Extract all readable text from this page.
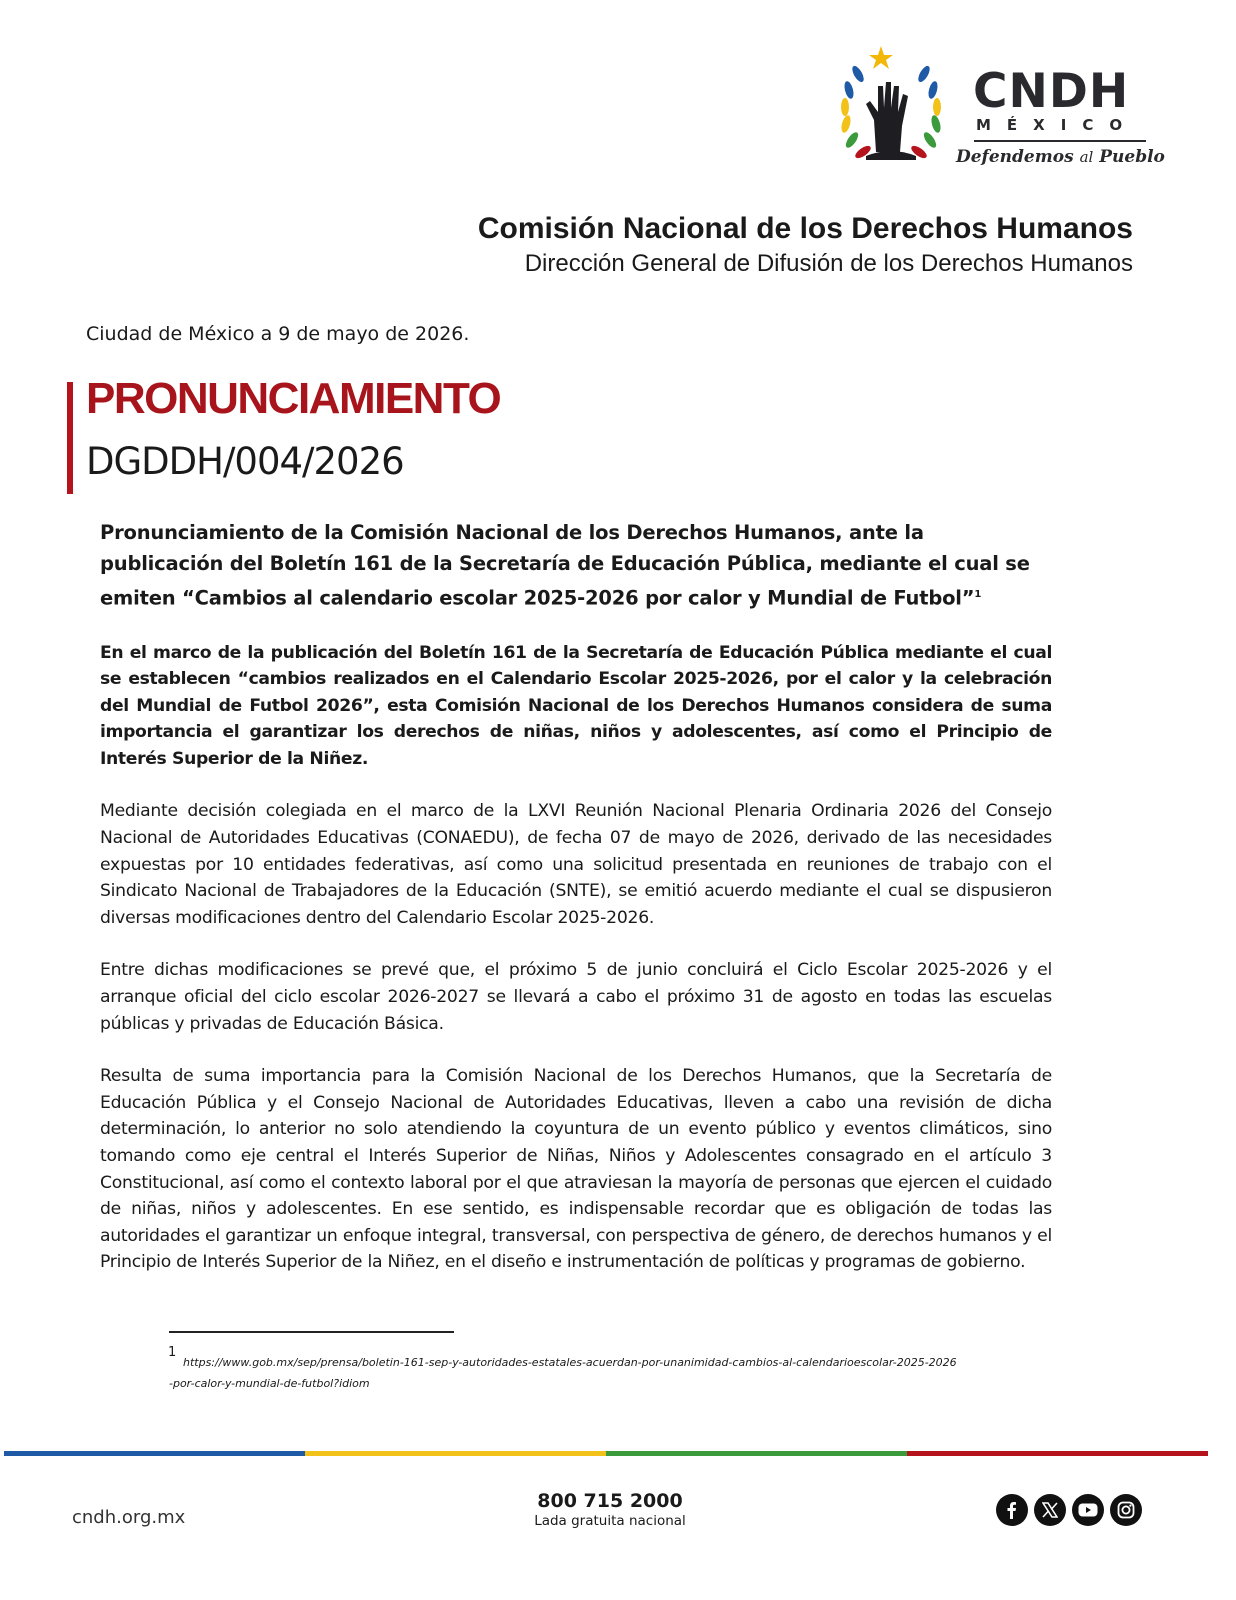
CNDH
MÉXICO
Defendemos al Pueblo
Comisión Nacional de los Derechos Humanos
Dirección General de Difusión de los Derechos Humanos
Ciudad de México a 9 de mayo de 2026.
PRONUNCIAMIENTO
DGDDH/004/2026

Pronunciamiento de la Comisión Nacional de los Derechos Humanos, ante la publicación del Boletín 161 de la Secretaría de Educación Pública, mediante el cual se emiten “Cambios al calendario escolar 2025-2026 por calor y Mundial de Futbol”$^1$

En el marco de la publicación del Boletín 161 de la Secretaría de Educación Pública mediante el cual se establecen “cambios realizados en el Calendario Escolar 2025-2026, por el calor y la celebración del Mundial de Futbol 2026”, esta Comisión Nacional de los Derechos Humanos considera de suma importancia el garantizar los derechos de niñas, niños y adolescentes, así como el Principio de Interés Superior de la Niñez.

Mediante decisión colegiada en el marco de la LXVI Reunión Nacional Plenaria Ordinaria 2026 del Consejo Nacional de Autoridades Educativas (CONAEDU), de fecha 07 de mayo de 2026, derivado de las necesidades expuestas por 10 entidades federativas, así como una solicitud presentada en reuniones de trabajo con el Sindicato Nacional de Trabajadores de la Educación (SNTE), se emitió acuerdo mediante el cual se dispusieron diversas modificaciones dentro del Calendario Escolar 2025-2026.

Entre dichas modificaciones se prevé que, el próximo 5 de junio concluirá el Ciclo Escolar 2025-2026 y el arranque oficial del ciclo escolar 2026-2027 se llevará a cabo el próximo 31 de agosto en todas las escuelas públicas y privadas de Educación Básica.

Resulta de suma importancia para la Comisión Nacional de los Derechos Humanos, que la Secretaría de Educación Pública y el Consejo Nacional de Autoridades Educativas, lleven a cabo una revisión de dicha determinación, lo anterior no solo atendiendo la coyuntura de un evento público y eventos climáticos, sino tomando como eje central el Interés Superior de Niñas, Niños y Adolescentes consagrado en el artículo 3 Constitucional, así como el contexto laboral por el que atraviesan la mayoría de personas que ejercen el cuidado de niñas, niños y adolescentes. En ese sentido, es indispensable recordar que es obligación de todas las autoridades el garantizar un enfoque integral, transversal, con perspectiva de género, de derechos humanos y el Principio de Interés Superior de la Niñez, en el diseño e instrumentación de políticas y programas de gobierno.

1
https://www.gob.mx/sep/prensa/boletin-161-sep-y-autoridades-estatales-acuerdan-por-unanimidad-cambios-al-calendarioescolar-2025-2026-por-calor-y-mundial-de-futbol?idiom
cndh.org.mx
800 715 2000
Lada gratuita nacional
